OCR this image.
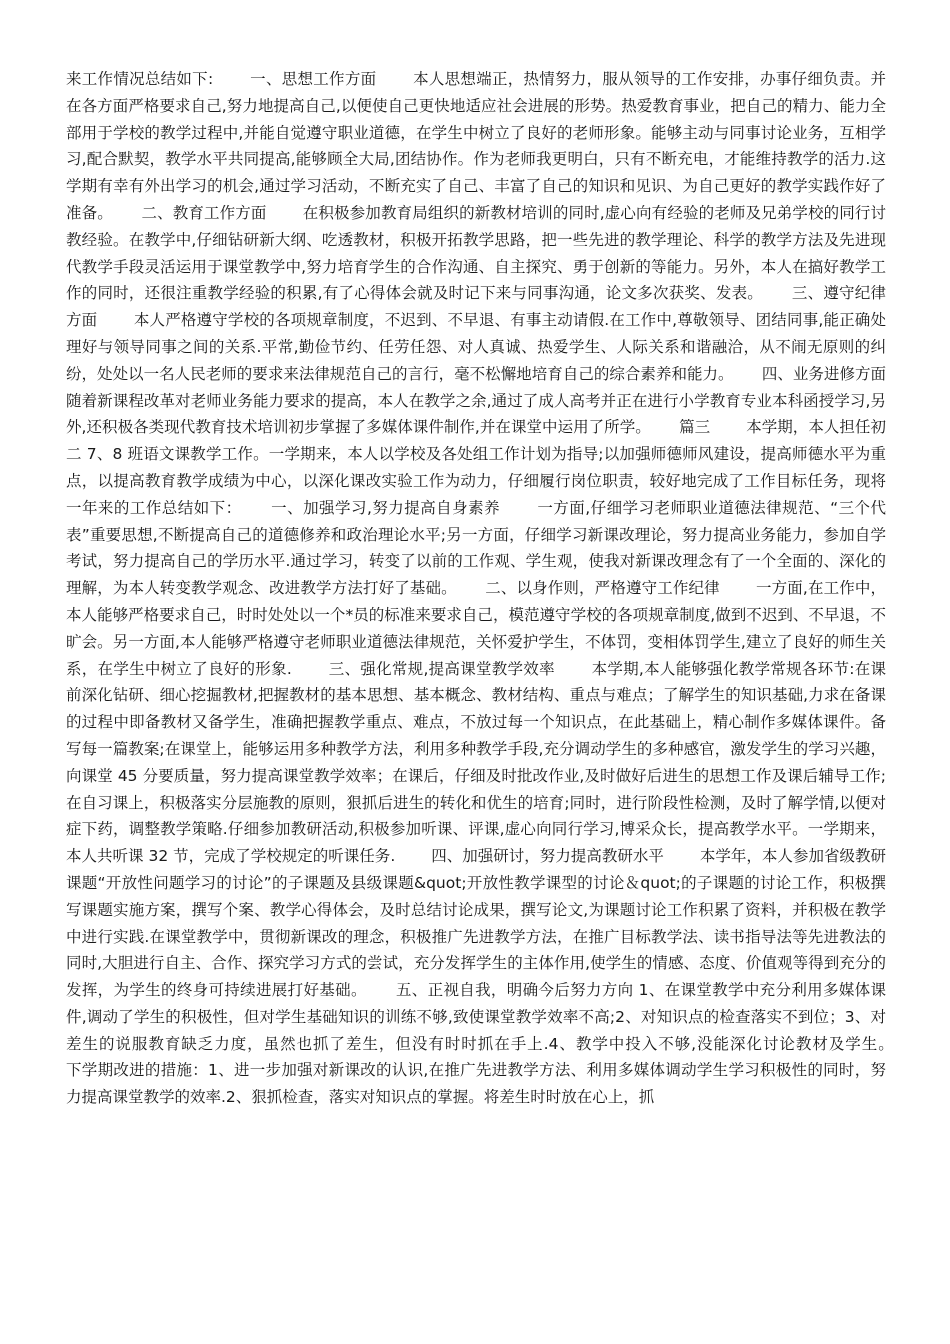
来工作情况总结如下:　　 一、思想工作方面　　 本人思想端正，热情努力，服从领导的工作安排，办事仔细负责。并在各方面严格要求自己,努力地提高自己,以便使自己更快地适应社会进展的形势。热爱教育事业，把自己的精力、能力全部用于学校的教学过程中,并能自觉遵守职业道德，在学生中树立了良好的老师形象。能够主动与同事讨论业务，互相学习,配合默契，教学水平共同提高,能够顾全大局,团结协作。作为老师我更明白，只有不断充电，才能维持教学的活力.这学期有幸有外出学习的机会,通过学习活动，不断充实了自己、丰富了自己的知识和见识、为自己更好的教学实践作好了准备。　　 二、教育工作方面　　 在积极参加教育局组织的新教材培训的同时,虚心向有经验的老师及兄弟学校的同行讨教经验。在教学中,仔细钻研新大纲、吃透教材，积极开拓教学思路，把一些先进的教学理论、科学的教学方法及先进现代教学手段灵活运用于课堂教学中,努力培育学生的合作沟通、自主探究、勇于创新的等能力。另外，本人在搞好教学工作的同时，还很注重教学经验的积累,有了心得体会就及时记下来与同事沟通，论文多次获奖、发表。　　 三、遵守纪律方面　　 本人严格遵守学校的各项规章制度，不迟到、不早退、有事主动请假.在工作中,尊敬领导、团结同事,能正确处理好与领导同事之间的关系.平常,勤俭节约、任劳任怨、对人真诚、热爱学生、人际关系和谐融洽，从不闹无原则的纠纷，处处以一名人民老师的要求来法律规范自己的言行，毫不松懈地培育自己的综合素养和能力。　　 四、业务进修方面　　 随着新课程改革对老师业务能力要求的提高，本人在教学之余,通过了成人高考并正在进行小学教育专业本科函授学习,另外,还积极各类现代教育技术培训初步掌握了多媒体课件制作,并在课堂中运用了所学。　　 篇三　　 本学期，本人担任初二 7、8 班语文课教学工作。一学期来，本人以学校及各处组工作计划为指导;以加强师德师风建设，提高师德水平为重点，以提高教育教学成绩为中心，以深化课改实验工作为动力，仔细履行岗位职责，较好地完成了工作目标任务，现将一年来的工作总结如下：　　 一、加强学习,努力提高自身素养　　 一方面,仔细学习老师职业道德法律规范、“三个代表”重要思想,不断提高自己的道德修养和政治理论水平;另一方面，仔细学习新课改理论，努力提高业务能力，参加自学考试，努力提高自己的学历水平.通过学习，转变了以前的工作观、学生观，使我对新课改理念有了一个全面的、深化的理解，为本人转变教学观念、改进教学方法打好了基础。　　 二、以身作则，严格遵守工作纪律　　 一方面,在工作中，本人能够严格要求自己，时时处处以一个*员的标准来要求自己，模范遵守学校的各项规章制度,做到不迟到、不早退，不旷会。另一方面,本人能够严格遵守老师职业道德法律规范，关怀爱护学生，不体罚，变相体罚学生,建立了良好的师生关系，在学生中树立了良好的形象.　　 三、强化常规,提高课堂教学效率　　 本学期,本人能够强化教学常规各环节:在课前深化钻研、细心挖掘教材,把握教材的基本思想、基本概念、教材结构、重点与难点；了解学生的知识基础,力求在备课的过程中即备教材又备学生，准确把握教学重点、难点，不放过每一个知识点，在此基础上，精心制作多媒体课件。备写每一篇教案;在课堂上，能够运用多种教学方法，利用多种教学手段,充分调动学生的多种感官，激发学生的学习兴趣，向课堂 45 分要质量，努力提高课堂教学效率；在课后，仔细及时批改作业,及时做好后进生的思想工作及课后辅导工作;在自习课上，积极落实分层施教的原则，狠抓后进生的转化和优生的培育;同时，进行阶段性检测，及时了解学情,以便对症下药，调整教学策略.仔细参加教研活动,积极参加听课、评课,虚心向同行学习,博采众长，提高教学水平。一学期来，本人共听课 32 节，完成了学校规定的听课任务.　　 四、加强研讨，努力提高教研水平　　 本学年，本人参加省级教研课题“开放性问题学习的讨论”的子课题及县级课题&quot;开放性教学课型的讨论＆quot;的子课题的讨论工作，积极撰写课题实施方案，撰写个案、教学心得体会，及时总结讨论成果，撰写论文,为课题讨论工作积累了资料，并积极在教学中进行实践.在课堂教学中，贯彻新课改的理念，积极推广先进教学方法，在推广目标教学法、读书指导法等先进教法的同时,大胆进行自主、合作、探究学习方式的尝试，充分发挥学生的主体作用,使学生的情感、态度、价值观等得到充分的发挥，为学生的终身可持续进展打好基础。　　 五、正视自我，明确今后努力方向 1、在课堂教学中充分利用多媒体课件,调动了学生的积极性，但对学生基础知识的训练不够,致使课堂教学效率不高;2、对知识点的检查落实不到位；3、对差生的说服教育缺乏力度，虽然也抓了差生，但没有时时抓在手上.4、教学中投入不够,没能深化讨论教材及学生。　　 下学期改进的措施：1、进一步加强对新课改的认识,在推广先进教学方法、利用多媒体调动学生学习积极性的同时，努力提高课堂教学的效率.2、狠抓检查，落实对知识点的掌握。将差生时时放在心上，抓
